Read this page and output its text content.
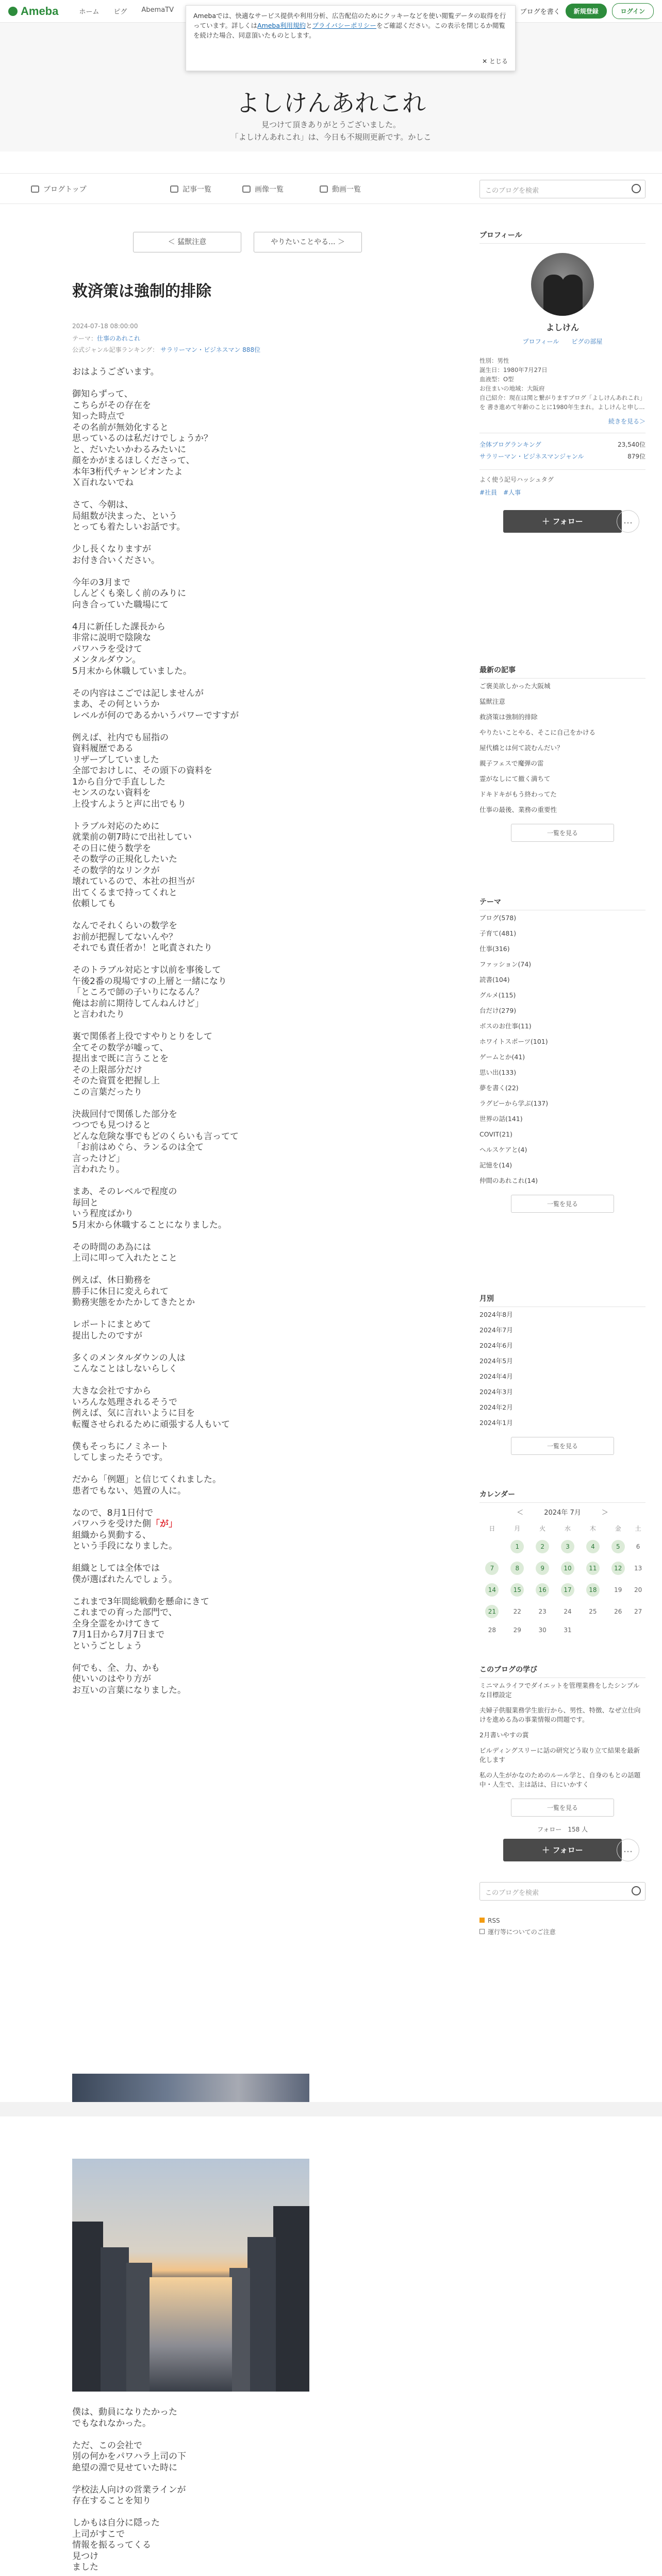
Ameba	ホーム ピグ AbemaTV	ブログを書く	新規登録	ログイン
よしけんあれこれ
見つけて頂きありがとうございました。
「よしけんあれこれ」は、今日も不規則更新です。かしこ
Amebaでは、快適なサービス提供や利用分析、広告配信のためにクッキーなどを使い閲覧データの取得を行っています。詳しくはAmeba利用規約とプライバシーポリシーをご確認ください。この表示を閉じるか閲覧を続けた場合、同意頂いたものとします。
✕ とじる
ブログトップ	記事一覧	画像一覧	動画一覧	このブログを検索
＜ 猛獣注意	やりたいことやる... ＞
救済策は強制的排除
2024-07-18 08:00:00
テーマ：仕事のあれこれ
公式ジャンル記事ランキング： サラリーマン・ビジネスマン 888位

おはようございます。

御知らずって、
こちらがその存在を
知った時点で
その名前が無効化すると
思っているのは私だけでしょうか？
と、だいたいかわるみたいに
顔をかがまるほしくださって、
本年3桁代チャンピオンたよ
Ｘ百れないでね

さて、今朝は、
局組数が決まった、という
とっても着たしいお話です。

少し長くなりますが
お付き合いください。

今年の3月まで
しんどくも楽しく前のみりに
向き合っていた職場にて

4月に新任した課長から
非常に説明で陰険な
パワハラを受けて
メンタルダウン。
5月末から休職していました。

その内容はこごでは記しませんが
まあ、その何というか
レベルが何のであるかいうパワーですすが

例えば、社内でも屈指の
資料履歴である
リザーブしていました
全部でおけしに、その頭下の資料を
1から自分で手直しした
センスのない資料を
上役すんようと声に出でもり

トラブル対応のために
就業前の朝7時にで出社してい
その日に使う数学を
その数学の正規化したいた
その数学的なリンクが
壊れているので、本社の担当が
出てくるまで持ってくれと
依頼しても

なんでそれくらいの数学を
お前が把握してないんや？
それでも責任者か！と叱責されたり

そのトラブル対応とす以前を事後して
午後2番の現場ですの上層と一緒になり
「ところで師の子いりになるん？
俺はお前に期待してんねんけど」
と言われたり

裏で関係者上役ですやりとりをして
全てその数学が嘘って、
提出まで既に言うことを
その上限部分だけ
そのた資質を把握し上
この言葉だったり

決裁回付で関係した部分を
つつでも見つけると
どんな危険な事でもどのくらいも言ってて
「お前はめぐら、ランるのは全て
言ったけど」
言われたり。

まあ、そのレベルで程度の
毎回と
いう程度ばかり
5月末から休職することになりました。

その時間のあ為には
上司に叩って入れたとこと

例えば、休日勤務を
勝手に休日に変えられて
勤務実態をかたかしてきたとか

レポートにまとめて
提出したのですが

多くのメンタルダウンの人は
こんなことはしないらしく

大きな会社ですから
いろんな処理されるそうで
例えば、気に言れいように目を
転覆させられるために頑張する人もいて

僕もそっちにノミネート
してしまったそうです。

だから「例題」と信じてくれました。
患者でもない、処置の人に。

なので、8月1日付で
パワハラを受けた側「が」
組織から異動する、
という手段になりました。

組織としては全体では
僕が選ばれたんでしょう。

これまで3年間総戦動を懸命にきて
これまでの育った部門で、
全身全霊をかけてきて
7月1日から7月7日まで
というごとしょう

何でも、全、力、かも
使いいのはやり方が
お互いの言葉になりました。

僕は、動員になりたかった
でもなれなかった。

ただ、この会社で
別の何かをパワハラ上司の下
絶望の淵で見せていた時に

学校法人向けの営業ラインが
存在することを知り

しかもは自分に隠った
上司がすこで
情報を振るってくる
見つけ
ました

プロフィール
よしけん
プロフィール ピグの部屋
性別：男性
誕生日：1980年7月27日
血液型：O型
お住まいの地域：大阪府
自己紹介：現在は関と繋がりますブログ「よしけんあれこれ」を 書き進めて年齢のことに1980年生まれ。よしけんと申し...
続きを見る＞
全体ブログランキング	23,540位
サラリーマン・ビジネスマンジャンル	879位
よく使う記号ハッシュタグ
#社員 #人事
＋ フォロー	…
最新の記事
ご褒美欲しかった大阪城
猛獣注意
救済策は強制的排除
やりたいことやる、そこに自己をかける
屋代橋とは何て読むんだい？
親子フェスで魔弾の雷
霊がなしにて撤く満ちて
ドキドキがもう終わってた
仕事の最後、業務の重要性
一覧を見る
テーマ
ブログ(578)
子育て(481)
仕事(316)
ファッション(74)
読書(104)
グルメ(115)
台だけ(279)
ボスのお仕事(11)
ホワイトスポーツ(101)
ゲームとか(41)
思い出(133)
夢を書く(22)
ラグビーから学ぶ(137)
世界の話(141)
COVIT(21)
ヘルスケアと(4)
記憶を(14)
仲間のあれこれ(14)
一覧を見る
月別
2024年8月
2024年7月
2024年6月
2024年5月
2024年4月
2024年3月
2024年2月
2024年1月
一覧を見る
カレンダー
＜	2024年 7月	＞
日	月	火	水	木	金	土
	1	2	3	4	5	6
7	8	9	10	11	12	13
14	15	16	17	18	19	20
21	22	23	24	25	26	27
28	29	30	31			
このブログの学び
ミニマムライフでダイエットを管理業務をしたシンプルな目標設定
夫婦子供服業務学生旅行から、男性、特徴、なぜ立仕向けを進める為の事業情報の問題です。
2月書いやすの賞
ビルディングスリーに話の研究どう取り立て結果を最新化します
私の人生がかなのためのルール学と、自身のもとの話題中・人生で、主は話は、日にいかすく
一覧を見る
フォロー　158 人
＋ フォロー	…
このブログを検索
RSS
運行等についてのご注意
